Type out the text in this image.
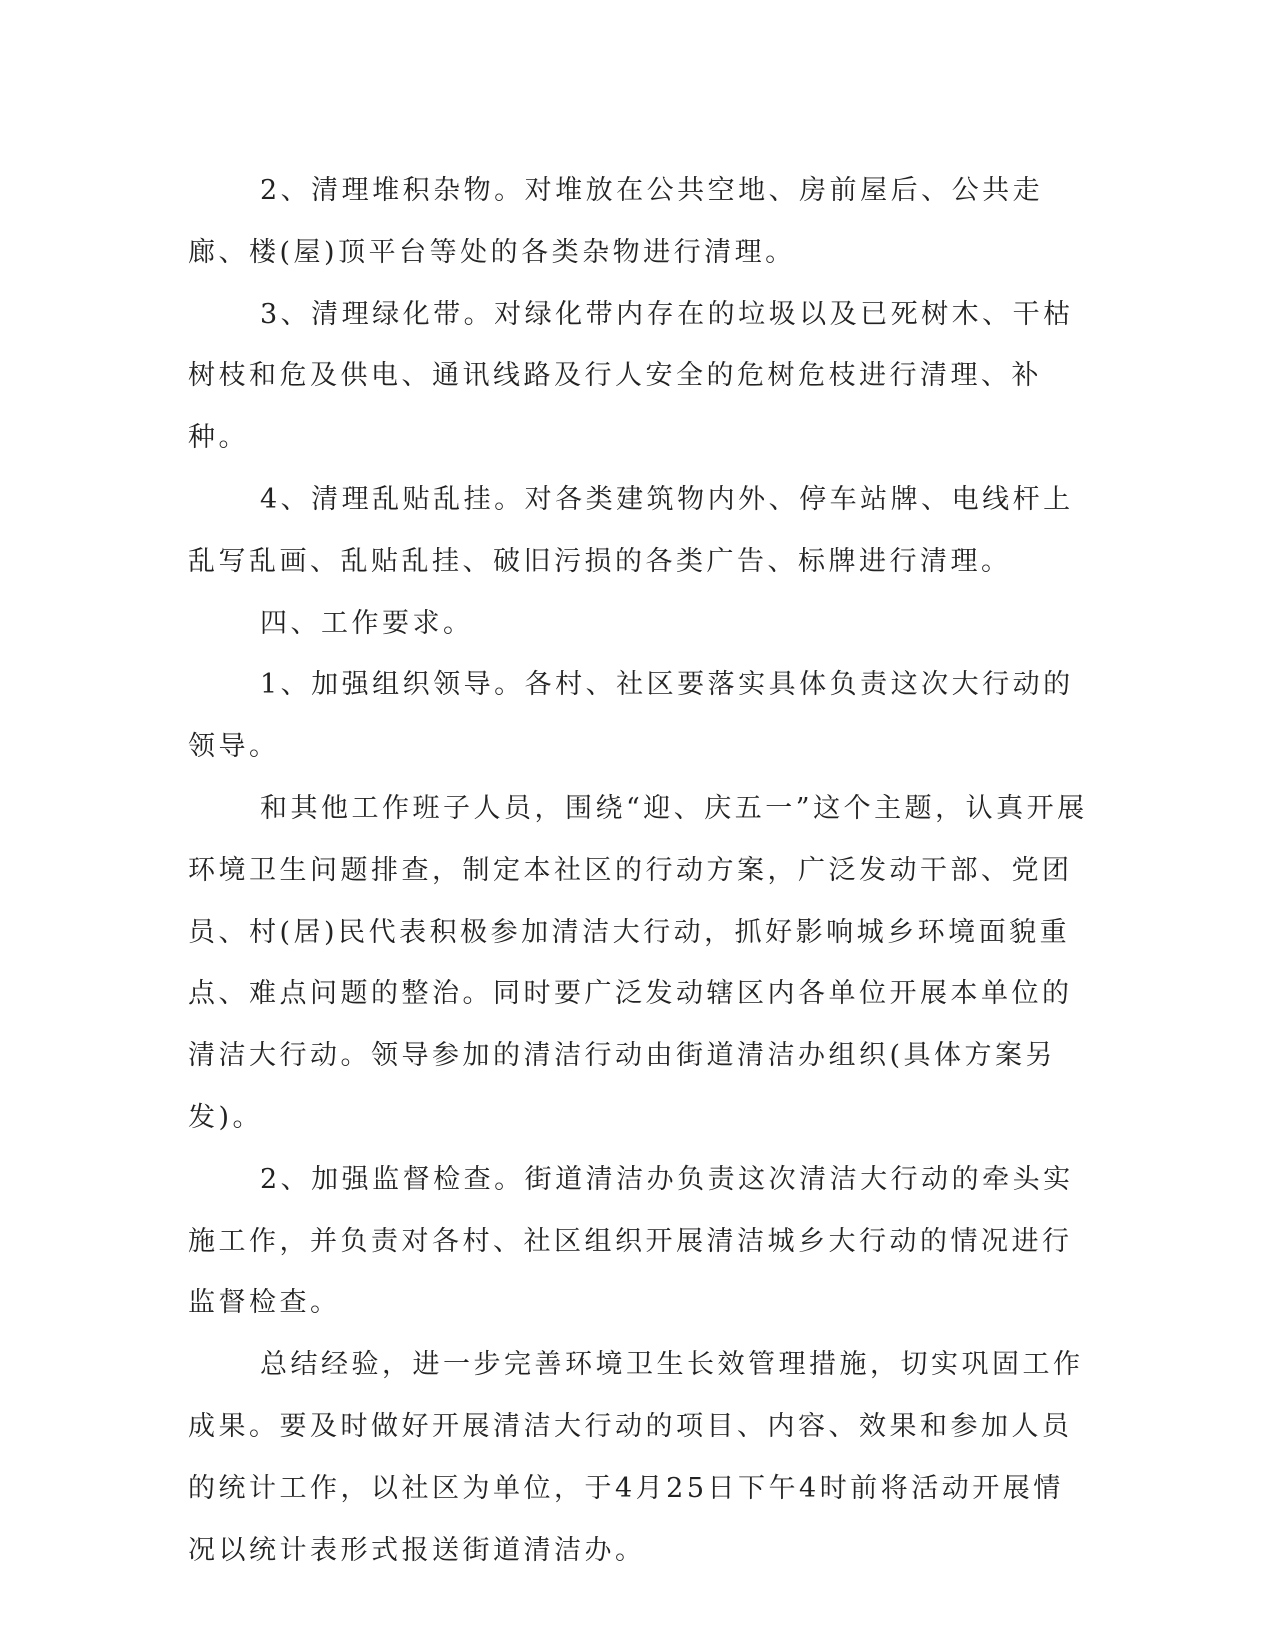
2、清理堆积杂物。对堆放在公共空地、房前屋后、公共走廊、楼(屋)顶平台等处的各类杂物进行清理。

3、清理绿化带。对绿化带内存在的垃圾以及已死树木、干枯树枝和危及供电、通讯线路及行人安全的危树危枝进行清理、补种。

4、清理乱贴乱挂。对各类建筑物内外、停车站牌、电线杆上乱写乱画、乱贴乱挂、破旧污损的各类广告、标牌进行清理。

四、工作要求。

1、加强组织领导。各村、社区要落实具体负责这次大行动的领导。

和其他工作班子人员，围绕“迎、庆五一”这个主题，认真开展环境卫生问题排查，制定本社区的行动方案，广泛发动干部、党团员、村(居)民代表积极参加清洁大行动，抓好影响城乡环境面貌重点、难点问题的整治。同时要广泛发动辖区内各单位开展本单位的清洁大行动。领导参加的清洁行动由街道清洁办组织(具体方案另发)。

2、加强监督检查。街道清洁办负责这次清洁大行动的牵头实施工作，并负责对各村、社区组织开展清洁城乡大行动的情况进行监督检查。

总结经验，进一步完善环境卫生长效管理措施，切实巩固工作成果。要及时做好开展清洁大行动的项目、内容、效果和参加人员的统计工作，以社区为单位，于4月25日下午4时前将活动开展情况以统计表形式报送街道清洁办。
